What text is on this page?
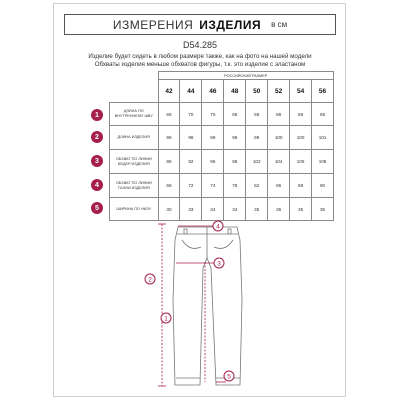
ИЗМЕРЕНИЯ ИЗДЕЛИЯ в см
D54.285
Изделие будет сидеть в любом размере также, как на фото на нашей модели
Обхваты изделия меньше обхватов фигуры, т.к. это изделие с эластаном
	РОССИЙСКИЙ РАЗМЕР							
	42	44	46	48	50	52	54	56
ДЛИНА ПО ВНУТРЕННЕМУ ШВУ	69	70	70	68	68	68	68	68
ДЛИНА ИЗДЕЛИЯ	98	98	99	99	99	100	100	101
ОБХВАТ ПО ЛИНИИ БЕДЕР ИЗДЕЛИЯ	86	92	96	98	102	104	106	108
ОБХВАТ ПО ЛИНИИ ТАЛИИ ИЗДЕЛИЯ	68	72	74	78	82	86	88	90
ШИРИНА ПО НИЗУ	30	33	34	34	35	36	35	35
1
2
3
4
5
2
1
4
3
5
